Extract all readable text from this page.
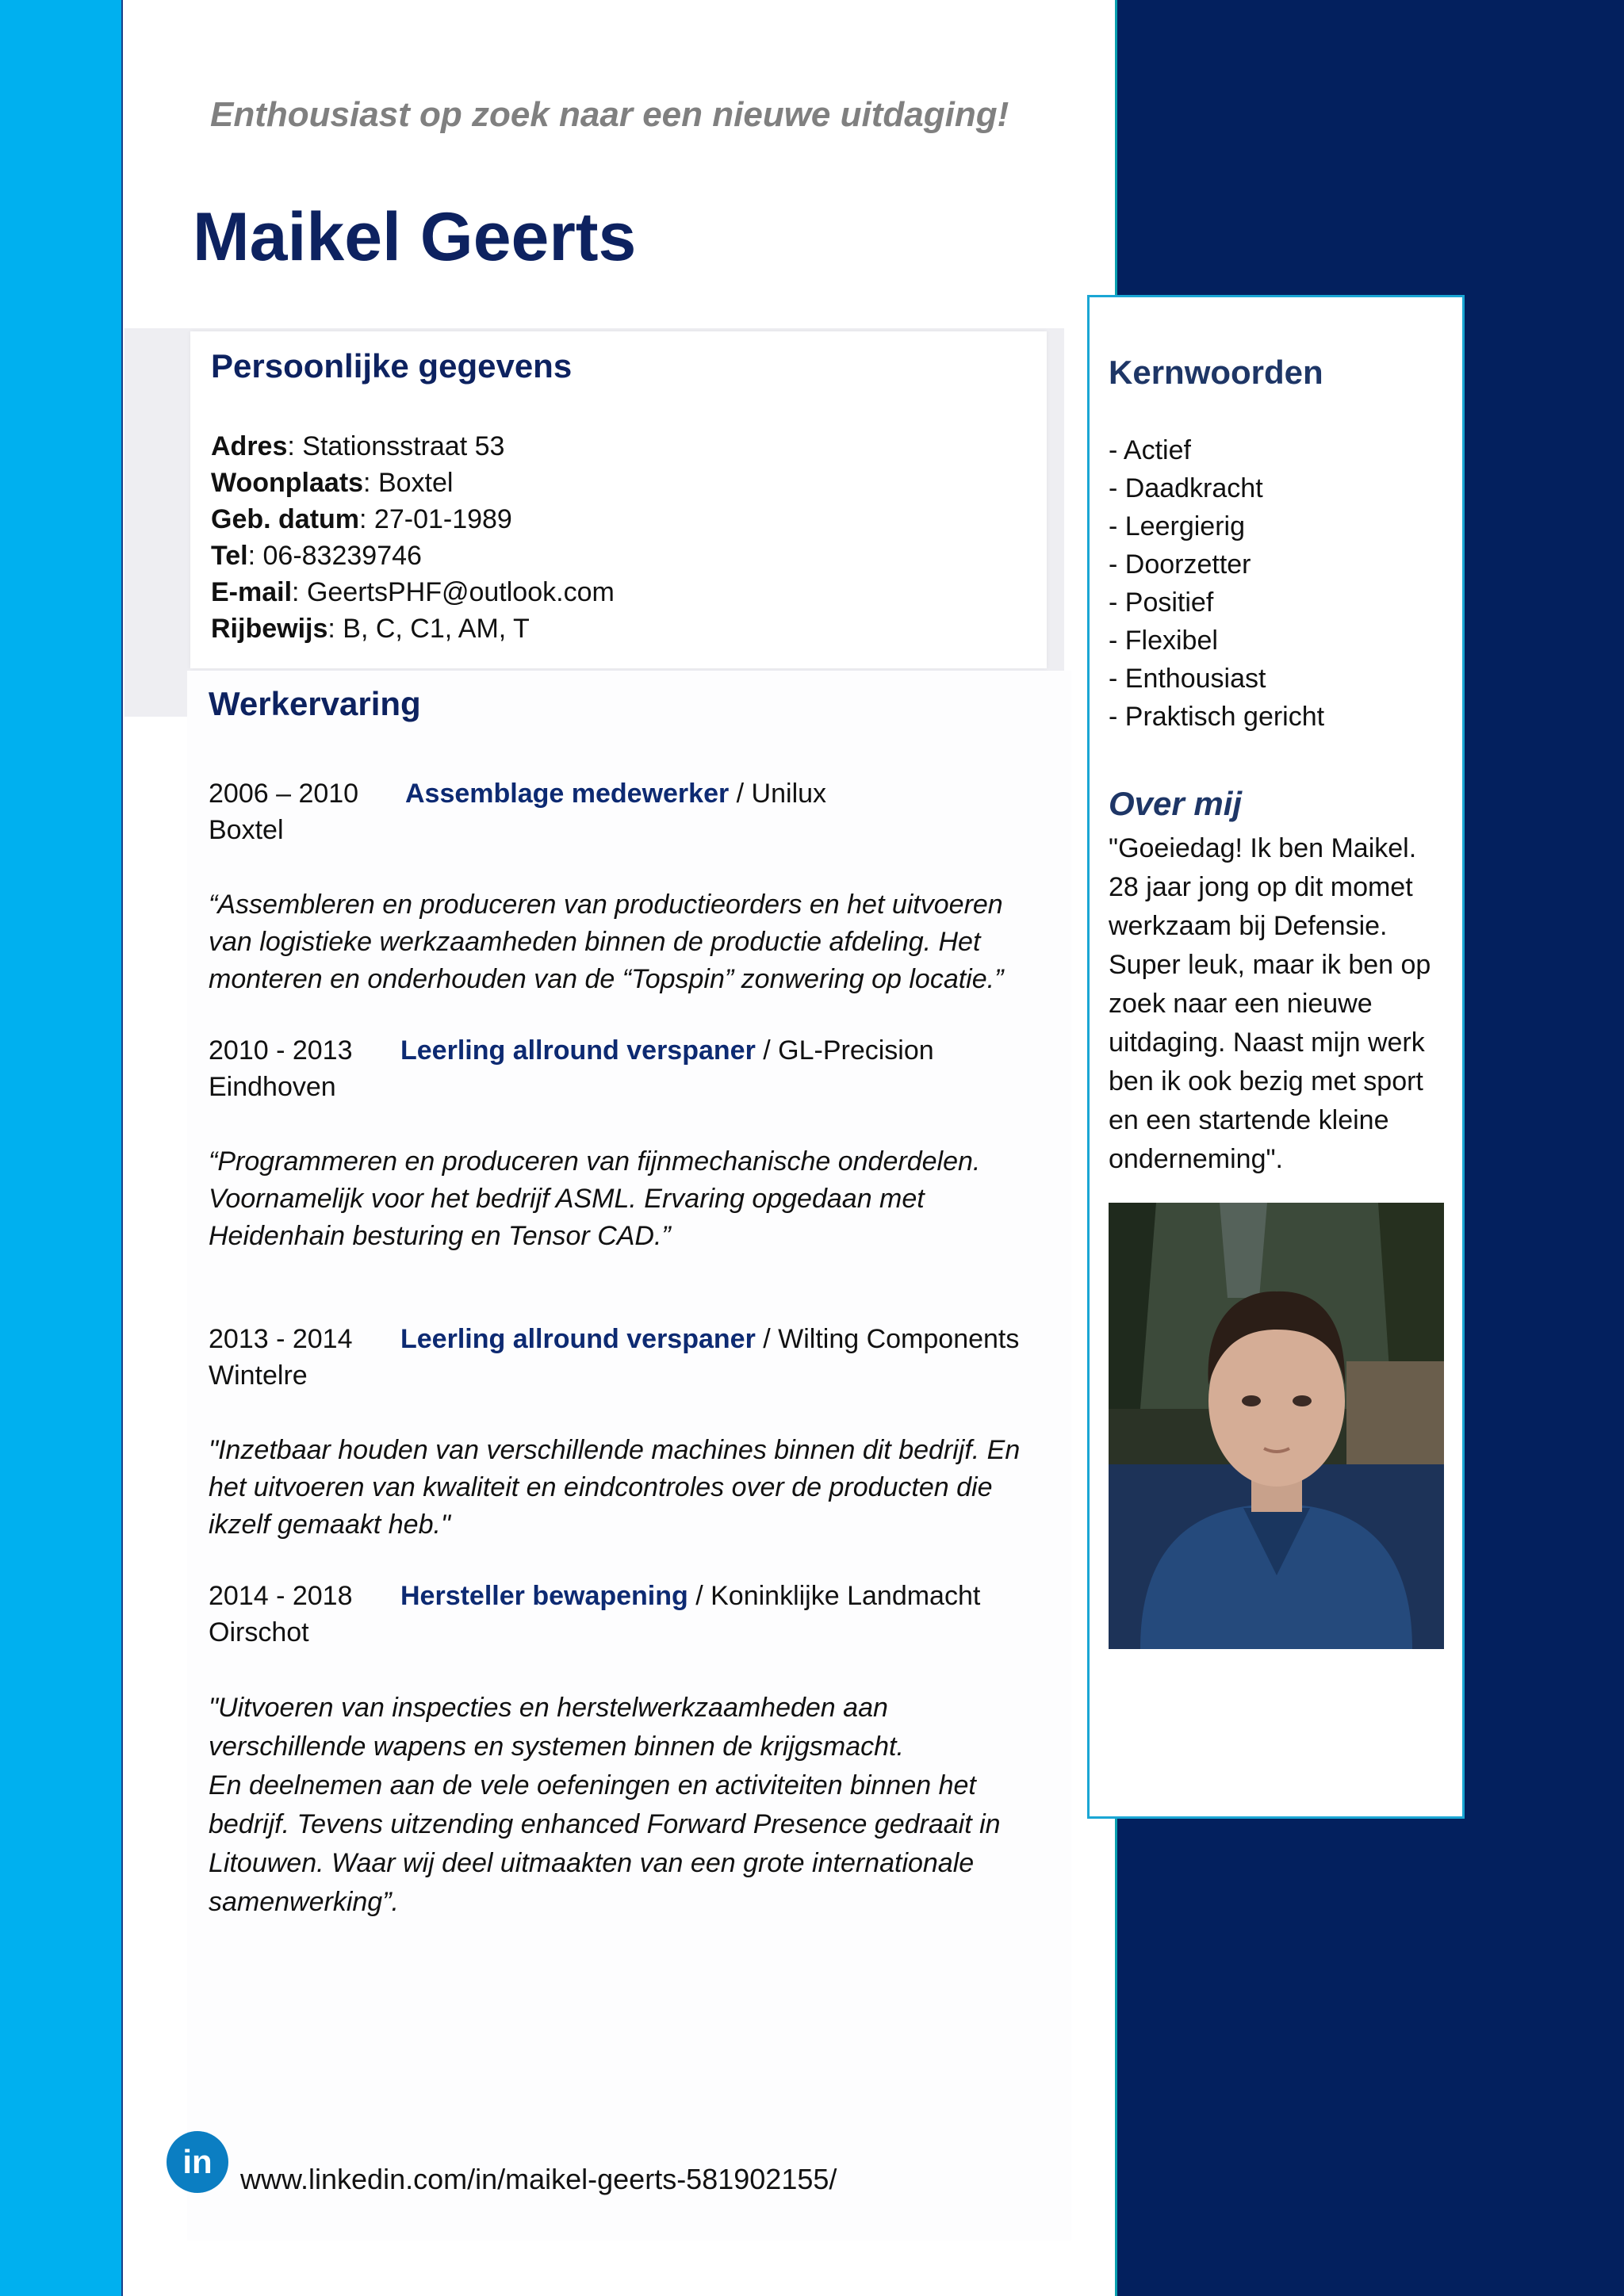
Enthousiast op zoek naar een nieuwe uitdaging!
Maikel Geerts
Persoonlijke gegevens
Adres: Stationsstraat 53
Woonplaats: Boxtel
Geb. datum: 27-01-1989
Tel: 06-83239746
E-mail: GeertsPHF@outlook.com
Rijbewijs: B, C, C1, AM, T
Werkervaring
2006 – 2010 Assemblage medewerker / Unilux
Boxtel
“Assembleren en produceren van productieorders en het uitvoeren
van logistieke werkzaamheden binnen de productie afdeling. Het
monteren en onderhouden van de “Topspin” zonwering op locatie.”
2010 - 2013 Leerling allround verspaner / GL-Precision
Eindhoven
“Programmeren en produceren van fijnmechanische onderdelen.
Voornamelijk voor het bedrijf ASML. Ervaring opgedaan met
Heidenhain besturing en Tensor CAD.”
2013 - 2014 Leerling allround verspaner / Wilting Components
Wintelre
"Inzetbaar houden van verschillende machines binnen dit bedrijf. En
het uitvoeren van kwaliteit en eindcontroles over de producten die
ikzelf gemaakt heb."
2014 - 2018 Hersteller bewapening / Koninklijke Landmacht
Oirschot
"Uitvoeren van inspecties en herstelwerkzaamheden aan
verschillende wapens en systemen binnen de krijgsmacht.
En deelnemen aan de vele oefeningen en activiteiten binnen het
bedrijf. Tevens uitzending enhanced Forward Presence gedraait in
Litouwen. Waar wij deel uitmaakten van een grote internationale
samenwerking”.
Kernwoorden
- Actief
- Daadkracht
- Leergierig
- Doorzetter
- Positief
- Flexibel
- Enthousiast
- Praktisch gericht
Over mij
"Goeiedag! Ik ben Maikel.
28 jaar jong op dit momet
werkzaam bij Defensie.
Super leuk, maar ik ben op
zoek naar een nieuwe
uitdaging. Naast mijn werk
ben ik ook bezig met sport
en een startende kleine
onderneming".
in www.linkedin.com/in/maikel-geerts-581902155/
